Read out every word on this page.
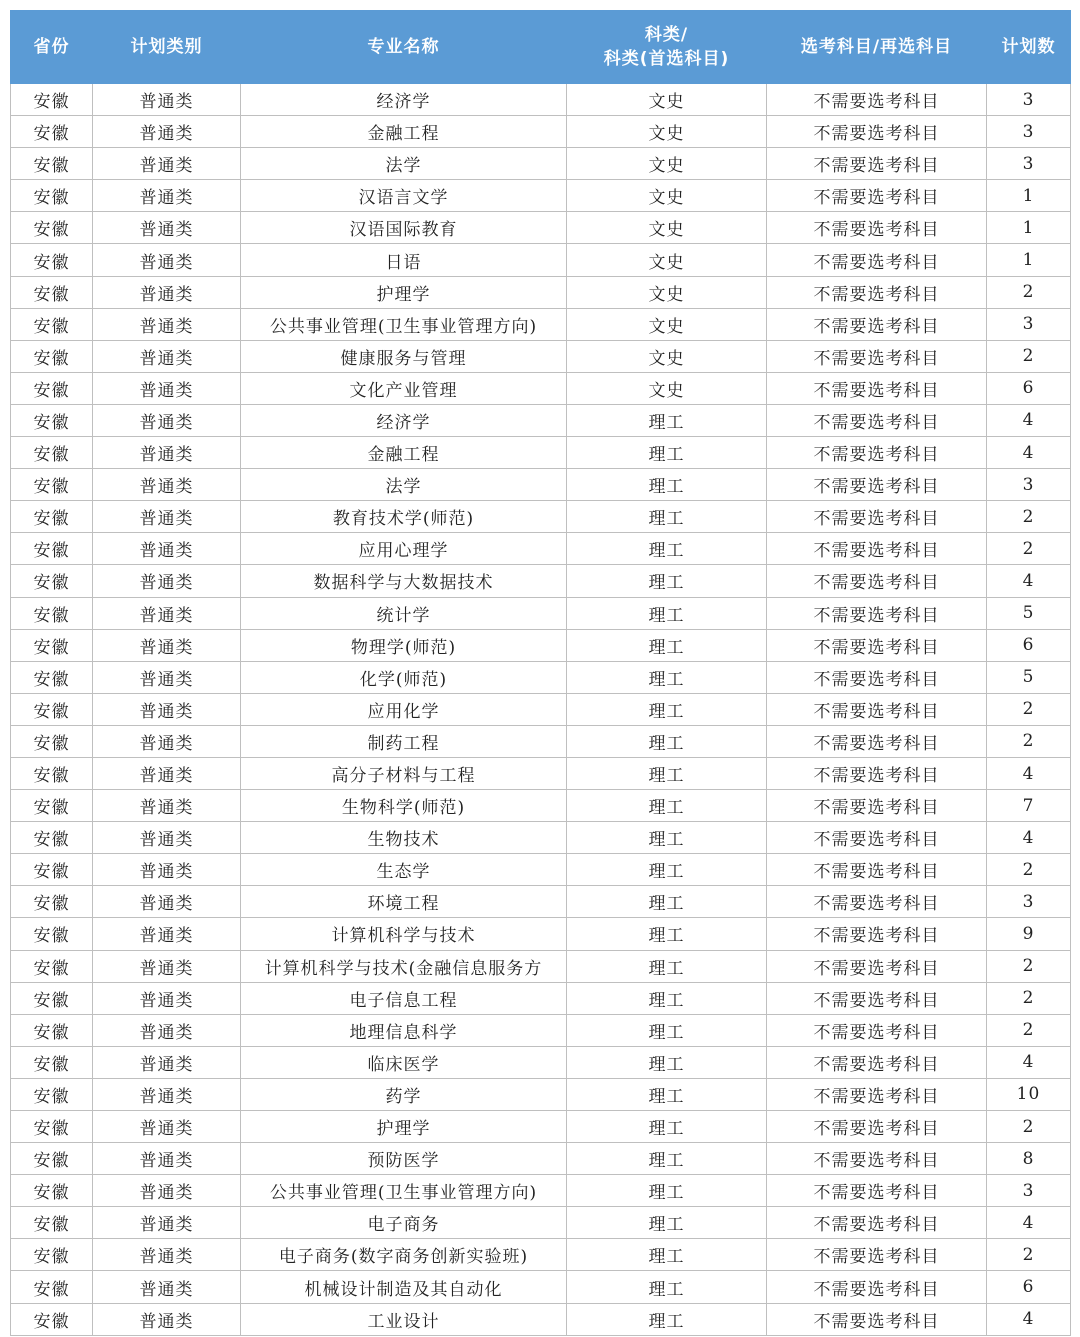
省份	计划类别	专业名称	科类/
科类(首选科目)	选考科目/再选科目	计划数
安徽	普通类	经济学	文史	不需要选考科目	3
安徽	普通类	金融工程	文史	不需要选考科目	3
安徽	普通类	法学	文史	不需要选考科目	3
安徽	普通类	汉语言文学	文史	不需要选考科目	1
安徽	普通类	汉语国际教育	文史	不需要选考科目	1
安徽	普通类	日语	文史	不需要选考科目	1
安徽	普通类	护理学	文史	不需要选考科目	2
安徽	普通类	公共事业管理(卫生事业管理方向)	文史	不需要选考科目	3
安徽	普通类	健康服务与管理	文史	不需要选考科目	2
安徽	普通类	文化产业管理	文史	不需要选考科目	6
安徽	普通类	经济学	理工	不需要选考科目	4
安徽	普通类	金融工程	理工	不需要选考科目	4
安徽	普通类	法学	理工	不需要选考科目	3
安徽	普通类	教育技术学(师范)	理工	不需要选考科目	2
安徽	普通类	应用心理学	理工	不需要选考科目	2
安徽	普通类	数据科学与大数据技术	理工	不需要选考科目	4
安徽	普通类	统计学	理工	不需要选考科目	5
安徽	普通类	物理学(师范)	理工	不需要选考科目	6
安徽	普通类	化学(师范)	理工	不需要选考科目	5
安徽	普通类	应用化学	理工	不需要选考科目	2
安徽	普通类	制药工程	理工	不需要选考科目	2
安徽	普通类	高分子材料与工程	理工	不需要选考科目	4
安徽	普通类	生物科学(师范)	理工	不需要选考科目	7
安徽	普通类	生物技术	理工	不需要选考科目	4
安徽	普通类	生态学	理工	不需要选考科目	2
安徽	普通类	环境工程	理工	不需要选考科目	3
安徽	普通类	计算机科学与技术	理工	不需要选考科目	9
安徽	普通类	计算机科学与技术(金融信息服务方	理工	不需要选考科目	2
安徽	普通类	电子信息工程	理工	不需要选考科目	2
安徽	普通类	地理信息科学	理工	不需要选考科目	2
安徽	普通类	临床医学	理工	不需要选考科目	4
安徽	普通类	药学	理工	不需要选考科目	10
安徽	普通类	护理学	理工	不需要选考科目	2
安徽	普通类	预防医学	理工	不需要选考科目	8
安徽	普通类	公共事业管理(卫生事业管理方向)	理工	不需要选考科目	3
安徽	普通类	电子商务	理工	不需要选考科目	4
安徽	普通类	电子商务(数字商务创新实验班)	理工	不需要选考科目	2
安徽	普通类	机械设计制造及其自动化	理工	不需要选考科目	6
安徽	普通类	工业设计	理工	不需要选考科目	4
